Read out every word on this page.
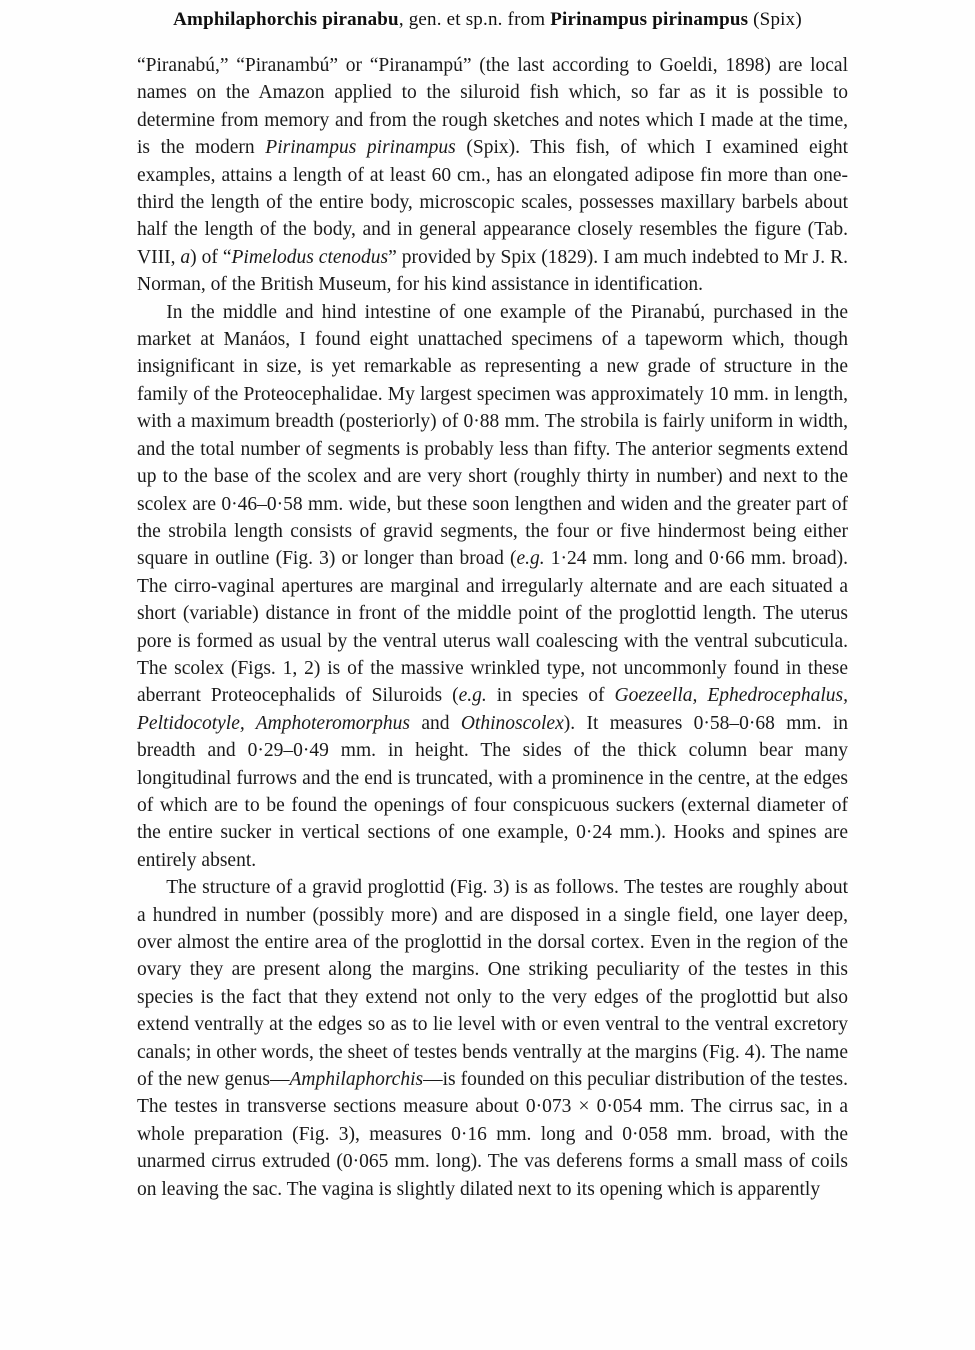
Amphilaphorchis piranabu, gen. et sp.n. from Pirinampus pirinampus (Spix)

“Piranabú,” “Piranambú” or “Piranampú” (the last according to Goeldi, 1898) are local names on the Amazon applied to the siluroid fish which, so far as it is possible to determine from memory and from the rough sketches and notes which I made at the time, is the modern Pirinampus pirinampus (Spix). This fish, of which I examined eight examples, attains a length of at least 60 cm., has an elongated adipose fin more than one-third the length of the entire body, microscopic scales, possesses maxillary barbels about half the length of the body, and in general appearance closely resembles the figure (Tab. VIII, a) of “Pimelodus ctenodus” provided by Spix (1829). I am much indebted to Mr J. R. Norman, of the British Museum, for his kind assistance in identification.

In the middle and hind intestine of one example of the Piranabú, purchased in the market at Manáos, I found eight unattached specimens of a tapeworm which, though insignificant in size, is yet remarkable as representing a new grade of structure in the family of the Proteocephalidae. My largest specimen was approximately 10 mm. in length, with a maximum breadth (posteriorly) of 0·88 mm. The strobila is fairly uniform in width, and the total number of segments is probably less than fifty. The anterior segments extend up to the base of the scolex and are very short (roughly thirty in number) and next to the scolex are 0·46–0·58 mm. wide, but these soon lengthen and widen and the greater part of the strobila length consists of gravid segments, the four or five hindermost being either square in outline (Fig. 3) or longer than broad (e.g. 1·24 mm. long and 0·66 mm. broad). The cirro-vaginal apertures are marginal and irregularly alternate and are each situated a short (variable) distance in front of the middle point of the proglottid length. The uterus pore is formed as usual by the ventral uterus wall coalescing with the ventral subcuticula. The scolex (Figs. 1, 2) is of the massive wrinkled type, not uncommonly found in these aberrant Proteocephalids of Siluroids (e.g. in species of Goezeella, Ephedrocephalus, Peltidocotyle, Amphoteromorphus and Othinoscolex). It measures 0·58–0·68 mm. in breadth and 0·29–0·49 mm. in height. The sides of the thick column bear many longitudinal furrows and the end is truncated, with a prominence in the centre, at the edges of which are to be found the openings of four conspicuous suckers (external diameter of the entire sucker in vertical sections of one example, 0·24 mm.). Hooks and spines are entirely absent.

The structure of a gravid proglottid (Fig. 3) is as follows. The testes are roughly about a hundred in number (possibly more) and are disposed in a single field, one layer deep, over almost the entire area of the proglottid in the dorsal cortex. Even in the region of the ovary they are present along the margins. One striking peculiarity of the testes in this species is the fact that they extend not only to the very edges of the proglottid but also extend ventrally at the edges so as to lie level with or even ventral to the ventral excretory canals; in other words, the sheet of testes bends ventrally at the margins (Fig. 4). The name of the new genus—Amphilaphorchis—is founded on this peculiar distribution of the testes. The testes in transverse sections measure about 0·073 × 0·054 mm. The cirrus sac, in a whole preparation (Fig. 3), measures 0·16 mm. long and 0·058 mm. broad, with the unarmed cirrus extruded (0·065 mm. long). The vas deferens forms a small mass of coils on leaving the sac. The vagina is slightly dilated next to its opening which is apparently
